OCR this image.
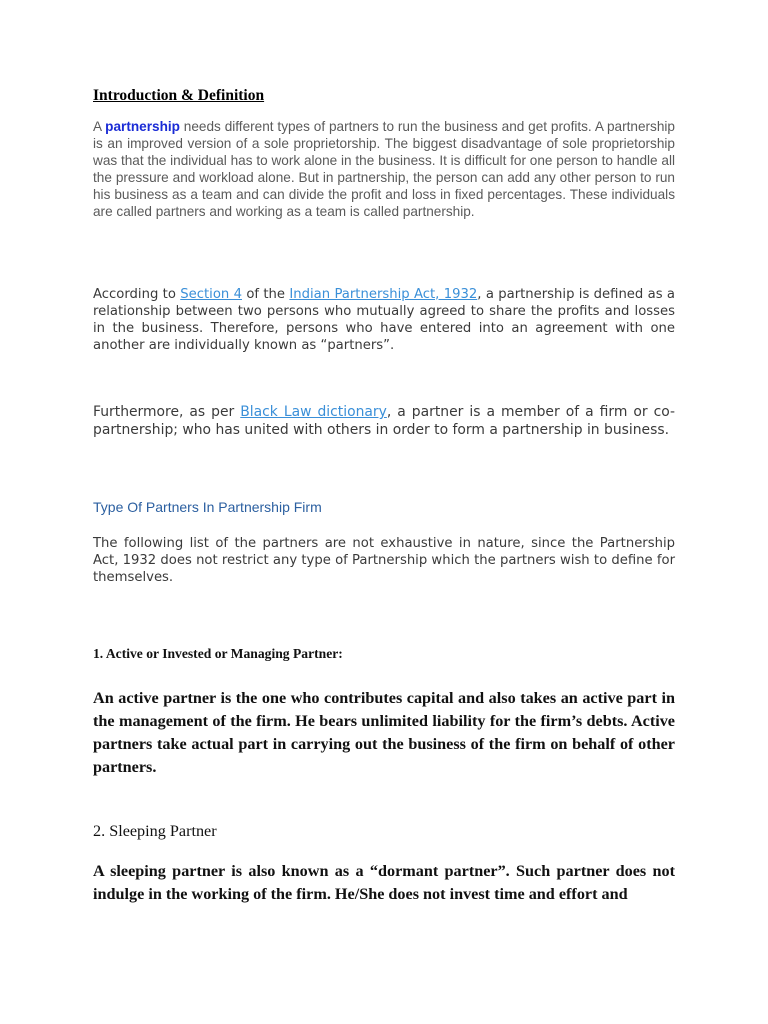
Introduction & Definition
A partnership needs different types of partners to run the business and get profits. A partnership is an improved version of a sole proprietorship. The biggest disadvantage of sole proprietorship was that the individual has to work alone in the business. It is difficult for one person to handle all the pressure and workload alone. But in partnership, the person can add any other person to run his business as a team and can divide the profit and loss in fixed percentages. These individuals are called partners and working as a team is called partnership.
According to Section 4 of the Indian Partnership Act, 1932, a partnership is defined as a relationship between two persons who mutually agreed to share the profits and losses in the business. Therefore, persons who have entered into an agreement with one another are individually known as “partners”.
Furthermore, as per Black Law dictionary, a partner is a member of a firm or co-partnership; who has united with others in order to form a partnership in business.
Type Of Partners In Partnership Firm
The following list of the partners are not exhaustive in nature, since the Partnership Act, 1932 does not restrict any type of Partnership which the partners wish to define for themselves.
1. Active or Invested or Managing Partner:
An active partner is the one who contributes capital and also takes an active part in the management of the firm. He bears unlimited liability for the firm’s debts. Active partners take actual part in carrying out the business of the firm on behalf of other partners.
2. Sleeping Partner
A sleeping partner is also known as a “dormant partner”. Such partner does not indulge in the working of the firm. He/She does not invest time and effort and
